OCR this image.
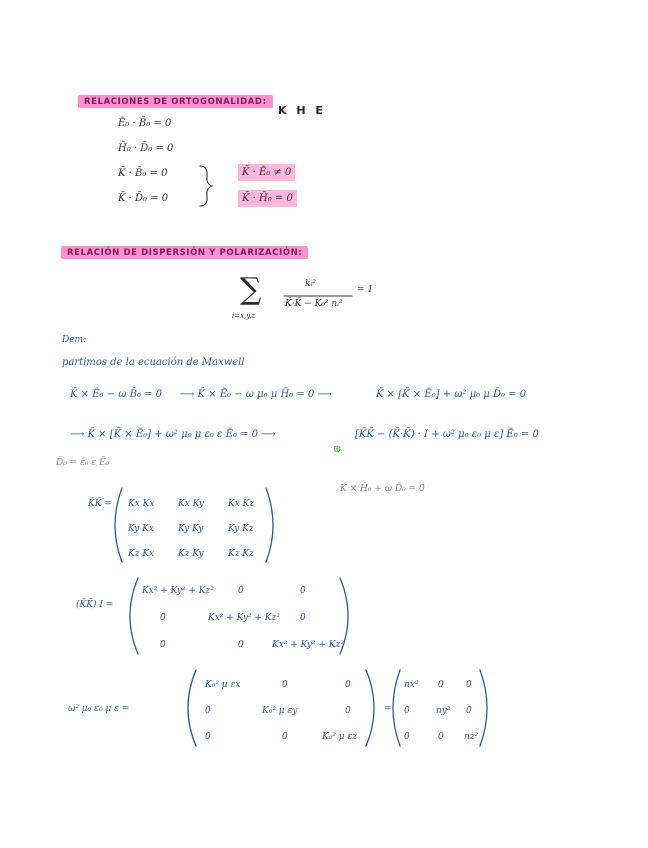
RELACIONES DE ORTOGONALIDAD:
K H E
Ē₀ · B̄₀ = 0
H̄₀ · D̄₀ = 0
K̄ · B̄₀ = 0
K̄ · D̄₀ = 0
K̄ · Ē₀ ≠ 0
K̄ · H̄₀ = 0
RELACIÓN DE DISPERSIÓN Y POLARIZACIÓN:
∑
i=x,y,z
kᵢ²
K̄·K̄ − K₀² nᵢ²
= 1
Dem:
partimos de la ecuación de Maxwell
K̄ × Ē₀ − ω B̄₀ = 0 ⟶ K̄ × Ē₀ − ω μ₀ μ H̄₀ = 0 ⟶	K̄ × [K̄ × Ē₀] + ω² μ₀ μ D̄₀ = 0
⟶ K̄ × [K̄ × Ē₀] + ω² μ₀ μ ε₀ ε Ē₀ = 0 ⟶	[K̄K̄ − (K̄·K̄) · I + ω² μ₀ ε₀ μ ε] Ē₀ = 0
⊕
D̄₀ = ε₀ ε Ē₀
K × H̄₀ + ω D̄₀ = 0
K̄K̄ = Kx Kx	Kx Ky	Kx Kz
Ky Kx	Ky Ky	Ky Kz
Kz Kx	Kz Ky	Kz Kz
(K̄K̄) I =
Kx² + Ky² + Kz²	0	0
0	Kx² + Ky² + Kz² 0
0	0	Kx² + Ky² + Kz²
ω² μ₀ ε₀ μ ε =
K₀² μ εx	0	0
0	K₀² μ εy	0
0	0	K₀² μ εz
=
nx² 0 0
0	ny² 0
0	0 nz²
